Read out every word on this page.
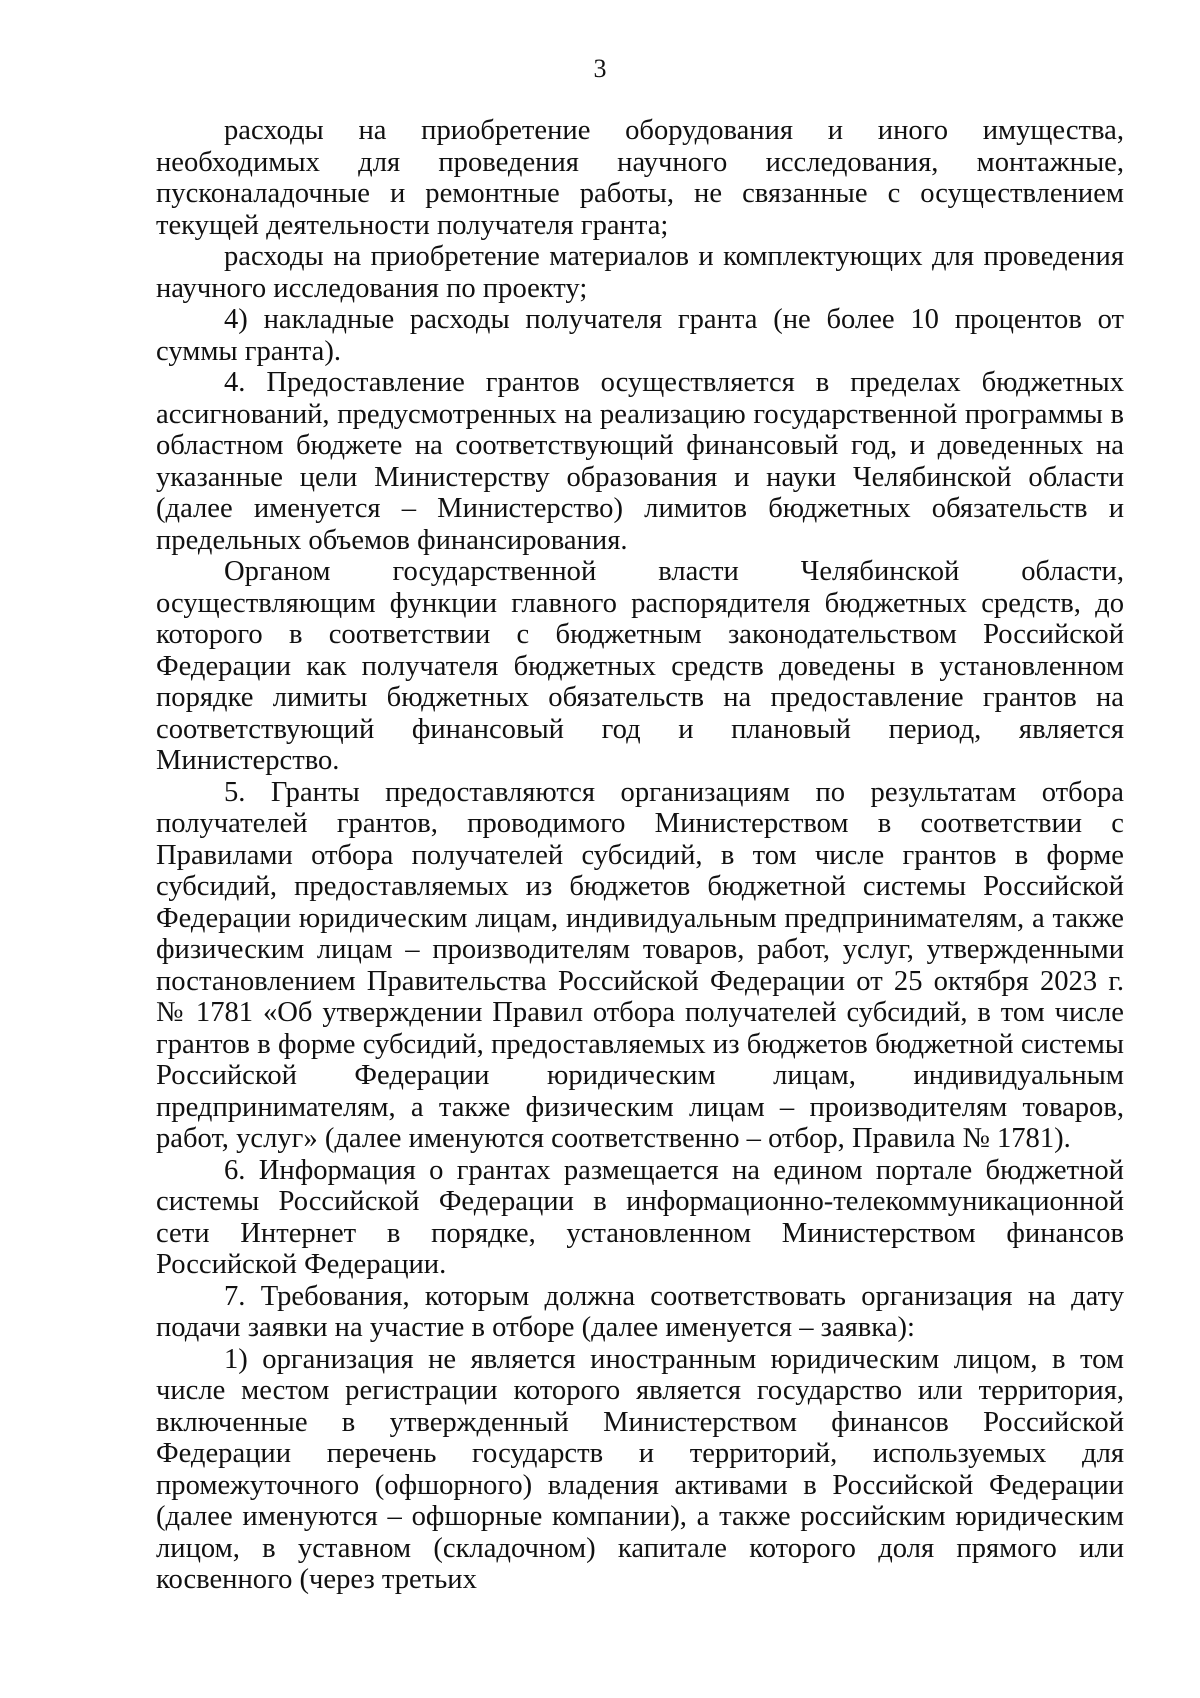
3

расходы на приобретение оборудования и иного имущества, необходимых для проведения научного исследования, монтажные, пусконаладочные и ремонтные работы, не связанные с осуществлением текущей деятельности получателя гранта;

расходы на приобретение материалов и комплектующих для проведения научного исследования по проекту;

4) накладные расходы получателя гранта (не более 10 процентов от суммы гранта).

4. Предоставление грантов осуществляется в пределах бюджетных ассигнований, предусмотренных на реализацию государственной программы в областном бюджете на соответствующий финансовый год, и доведенных на указанные цели Министерству образования и науки Челябинской области (далее именуется – Министерство) лимитов бюджетных обязательств и предельных объемов финансирования.

Органом государственной власти Челябинской области, осуществляющим функции главного распорядителя бюджетных средств, до которого в соответствии с бюджетным законодательством Российской Федерации как получателя бюджетных средств доведены в установленном порядке лимиты бюджетных обязательств на предоставление грантов на соответствующий финансовый год и плановый период, является Министерство.

5. Гранты предоставляются организациям по результатам отбора получателей грантов, проводимого Министерством в соответствии с Правилами отбора получателей субсидий, в том числе грантов в форме субсидий, предоставляемых из бюджетов бюджетной системы Российской Федерации юридическим лицам, индивидуальным предпринимателям, а также физическим лицам – производителям товаров, работ, услуг, утвержденными постановлением Правительства Российской Федерации от 25 октября 2023 г. № 1781 «Об утверждении Правил отбора получателей субсидий, в том числе грантов в форме субсидий, предоставляемых из бюджетов бюджетной системы Российской Федерации юридическим лицам, индивидуальным предпринимателям, а также физическим лицам – производителям товаров, работ, услуг» (далее именуются соответственно – отбор, Правила № 1781).

6. Информация о грантах размещается на едином портале бюджетной системы Российской Федерации в информационно-телекоммуникационной сети Интернет в порядке, установленном Министерством финансов Российской Федерации.

7. Требования, которым должна соответствовать организация на дату подачи заявки на участие в отборе (далее именуется – заявка):

1) организация не является иностранным юридическим лицом, в том числе местом регистрации которого является государство или территория, включенные в утвержденный Министерством финансов Российской Федерации перечень государств и территорий, используемых для промежуточного (офшорного) владения активами в Российской Федерации (далее именуются – офшорные компании), а также российским юридическим лицом, в уставном (складочном) капитале которого доля прямого или косвенного (через третьих
